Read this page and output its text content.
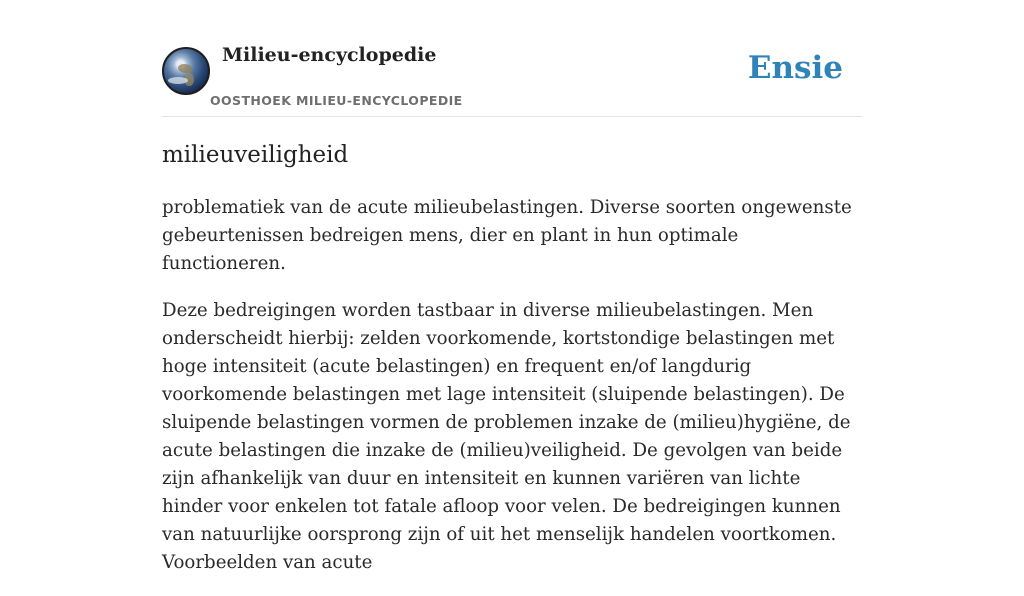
Milieu-encyclopedie
OOSTHOEK MILIEU-ENCYCLOPEDIE
Ensie
milieuveiligheid

problematiek van de acute milieubelastingen. Diverse soorten ongewenste gebeurtenissen bedreigen mens, dier en plant in hun optimale functioneren.

Deze bedreigingen worden tastbaar in diverse milieubelastingen. Men onderscheidt hierbij: zelden voorkomende, kortstondige belastingen met hoge intensiteit (acute belastingen) en frequent en/of langdurig voorkomende belastingen met lage intensiteit (sluipende belastingen). De sluipende belastingen vormen de problemen inzake de (milieu)hygiëne, de acute belastingen die inzake de (milieu)veiligheid. De gevolgen van beide zijn afhankelijk van duur en intensiteit en kunnen variëren van lichte hinder voor enkelen tot fatale afloop voor velen. De bedreigingen kunnen van natuurlijke oorsprong zijn of uit het menselijk handelen voortkomen. Voorbeelden van acute
